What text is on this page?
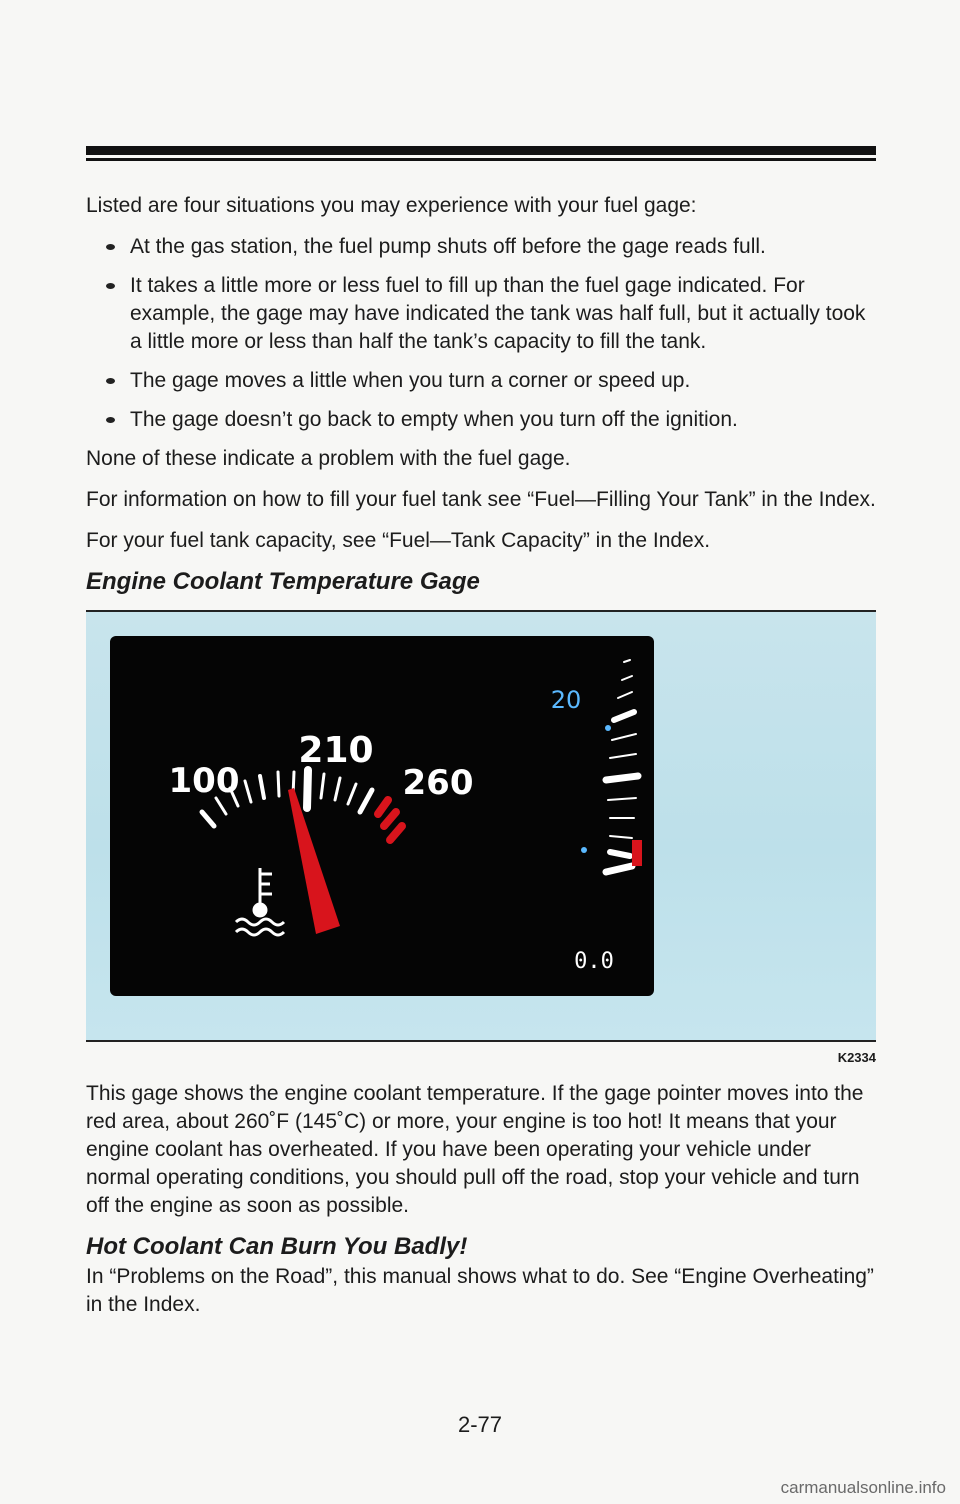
Listed are four situations you may experience with your fuel gage:

At the gas station, the fuel pump shuts off before the gage reads full.
It takes a little more or less fuel to fill up than the fuel gage indicated. For example, the gage may have indicated the tank was half full, but it actually took a little more or less than half the tank’s capacity to fill the tank.
The gage moves a little when you turn a corner or speed up.
The gage doesn’t go back to empty when you turn off the ignition.

None of these indicate a problem with the fuel gage.

For information on how to fill your fuel tank see “Fuel—Filling Your Tank” in the Index.

For your fuel tank capacity, see “Fuel—Tank Capacity” in the Index.

Engine Coolant Temperature Gage
100
210
260
20
0.0
K2334

This gage shows the engine coolant temperature. If the gage pointer moves into the red area, about 260˚F (145˚C) or more, your engine is too hot! It means that your engine coolant has overheated. If you have been operating your vehicle under normal operating conditions, you should pull off the road, stop your vehicle and turn off the engine as soon as possible.

Hot Coolant Can Burn You Badly!

In “Problems on the Road”, this manual shows what to do. See “Engine Overheating” in the Index.

2-77
carmanualsonline.info
